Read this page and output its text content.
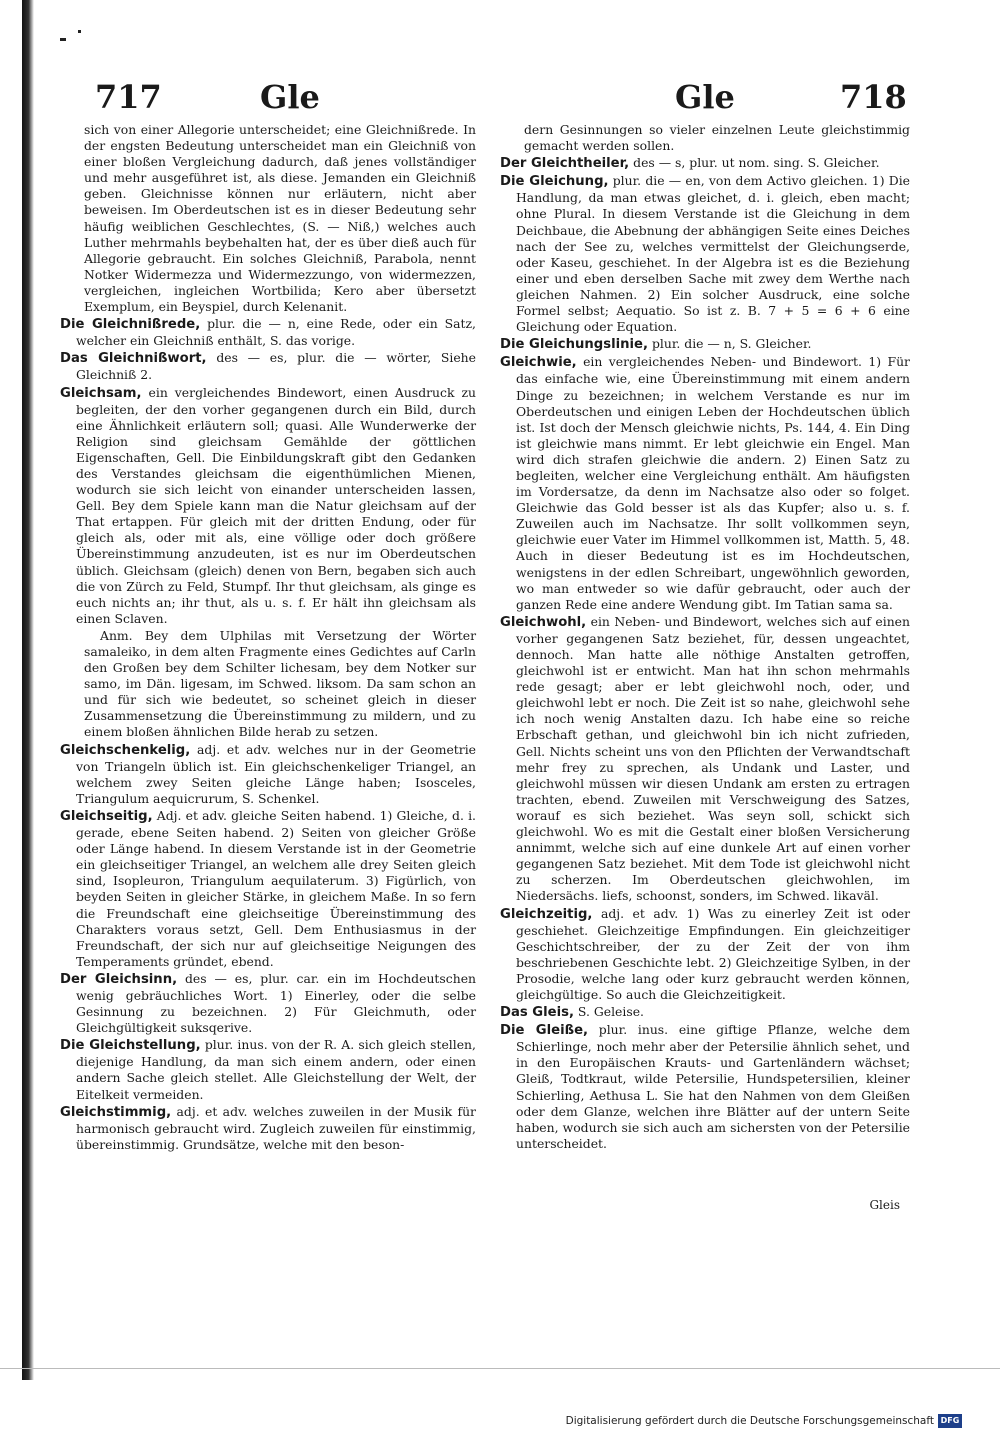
717	Gle	Gle	718

sich von einer Allegorie unterscheidet; eine Gleichnißrede. In der engsten Bedeutung unterscheidet man ein Gleichniß von einer bloßen Vergleichung dadurch, daß jenes vollständiger und mehr ausgeführet ist, als diese. Jemanden ein Gleichniß geben. Gleichnisse können nur erläutern, nicht aber beweisen. Im Oberdeutschen ist es in dieser Bedeutung sehr häufig weiblichen Geschlechtes, (S. — Niß,) welches auch Luther mehrmahls beybehalten hat, der es über dieß auch für Allegorie gebraucht. Ein solches Gleichniß, Parabola, nennt Notker Widermezza und Widermezzungo, von widermezzen, vergleichen, ingleichen Wortbilida; Kero aber übersetzt Exemplum, ein Beyspiel, durch Kelenanit.

Die Gleichnißrede, plur. die — n, eine Rede, oder ein Satz, welcher ein Gleichniß enthält, S. das vorige.

Das Gleichnißwort, des — es, plur. die — wörter, Siehe Gleichniß 2.

Gleichsam, ein vergleichendes Bindewort, einen Ausdruck zu begleiten, der den vorher gegangenen durch ein Bild, durch eine Ähnlichkeit erläutern soll; quasi. Alle Wunderwerke der Religion sind gleichsam Gemählde der göttlichen Eigenschaften, Gell. Die Einbildungskraft gibt den Gedanken des Verstandes gleichsam die eigenthümlichen Mienen, wodurch sie sich leicht von einander unterscheiden lassen, Gell. Bey dem Spiele kann man die Natur gleichsam auf der That ertappen. Für gleich mit der dritten Endung, oder für gleich als, oder mit als, eine völlige oder doch größere Übereinstimmung anzudeuten, ist es nur im Oberdeutschen üblich. Gleichsam (gleich) denen von Bern, begaben sich auch die von Zürch zu Feld, Stumpf. Ihr thut gleichsam, als ginge es euch nichts an; ihr thut, als u. s. f. Er hält ihn gleichsam als einen Sclaven.

Anm. Bey dem Ulphilas mit Versetzung der Wörter samaleiko, in dem alten Fragmente eines Gedichtes auf Carln den Großen bey dem Schilter lichesam, bey dem Notker sur samo, im Dän. ligesam, im Schwed. liksom. Da sam schon an und für sich wie bedeutet, so scheinet gleich in dieser Zusammensetzung die Übereinstimmung zu mildern, und zu einem bloßen ähnlichen Bilde herab zu setzen.

Gleichschenkelig, adj. et adv. welches nur in der Geometrie von Triangeln üblich ist. Ein gleichschenkeliger Triangel, an welchem zwey Seiten gleiche Länge haben; Isosceles, Triangulum aequicrurum, S. Schenkel.

Gleichseitig, Adj. et adv. gleiche Seiten habend. 1) Gleiche, d. i. gerade, ebene Seiten habend. 2) Seiten von gleicher Größe oder Länge habend. In diesem Verstande ist in der Geometrie ein gleichseitiger Triangel, an welchem alle drey Seiten gleich sind, Isopleuron, Triangulum aequilaterum. 3) Figürlich, von beyden Seiten in gleicher Stärke, in gleichem Maße. In so fern die Freundschaft eine gleichseitige Übereinstimmung des Charakters voraus setzt, Gell. Dem Enthusiasmus in der Freundschaft, der sich nur auf gleichseitige Neigungen des Temperaments gründet, ebend.

Der Gleichsinn, des — es, plur. car. ein im Hochdeutschen wenig gebräuchliches Wort. 1) Einerley, oder die selbe Gesinnung zu bezeichnen. 2) Für Gleichmuth, oder Gleichgültigkeit suksqerive.

Die Gleichstellung, plur. inus. von der R. A. sich gleich stellen, diejenige Handlung, da man sich einem andern, oder einen andern Sache gleich stellet. Alle Gleichstellung der Welt, der Eitelkeit vermeiden.

Gleichstimmig, adj. et adv. welches zuweilen in der Musik für harmonisch gebraucht wird. Zugleich zuweilen für einstimmig, übereinstimmig. Grundsätze, welche mit den beson-

dern Gesinnungen so vieler einzelnen Leute gleichstimmig gemacht werden sollen.

Der Gleichtheiler, des — s, plur. ut nom. sing. S. Gleicher.

Die Gleichung, plur. die — en, von dem Activo gleichen. 1) Die Handlung, da man etwas gleichet, d. i. gleich, eben macht; ohne Plural. In diesem Verstande ist die Gleichung in dem Deichbaue, die Abebnung der abhängigen Seite eines Deiches nach der See zu, welches vermittelst der Gleichungserde, oder Kaseu, geschiehet. In der Algebra ist es die Beziehung einer und eben derselben Sache mit zwey dem Werthe nach gleichen Nahmen. 2) Ein solcher Ausdruck, eine solche Formel selbst; Aequatio. So ist z. B. 7 + 5 = 6 + 6 eine Gleichung oder Equation.

Die Gleichungslinie, plur. die — n, S. Gleicher.

Gleichwie, ein vergleichendes Neben- und Bindewort. 1) Für das einfache wie, eine Übereinstimmung mit einem andern Dinge zu bezeichnen; in welchem Verstande es nur im Oberdeutschen und einigen Leben der Hochdeutschen üblich ist. Ist doch der Mensch gleichwie nichts, Ps. 144, 4. Ein Ding ist gleichwie mans nimmt. Er lebt gleichwie ein Engel. Man wird dich strafen gleichwie die andern. 2) Einen Satz zu begleiten, welcher eine Vergleichung enthält. Am häufigsten im Vordersatze, da denn im Nachsatze also oder so folget. Gleichwie das Gold besser ist als das Kupfer; also u. s. f. Zuweilen auch im Nachsatze. Ihr sollt vollkommen seyn, gleichwie euer Vater im Himmel vollkommen ist, Matth. 5, 48. Auch in dieser Bedeutung ist es im Hochdeutschen, wenigstens in der edlen Schreibart, ungewöhnlich geworden, wo man entweder so wie dafür gebraucht, oder auch der ganzen Rede eine andere Wendung gibt. Im Tatian sama sa.

Gleichwohl, ein Neben- und Bindewort, welches sich auf einen vorher gegangenen Satz beziehet, für, dessen ungeachtet, dennoch. Man hatte alle nöthige Anstalten getroffen, gleichwohl ist er entwicht. Man hat ihn schon mehrmahls rede gesagt; aber er lebt gleichwohl noch, oder, und gleichwohl lebt er noch. Die Zeit ist so nahe, gleichwohl sehe ich noch wenig Anstalten dazu. Ich habe eine so reiche Erbschaft gethan, und gleichwohl bin ich nicht zufrieden, Gell. Nichts scheint uns von den Pflichten der Verwandtschaft mehr frey zu sprechen, als Undank und Laster, und gleichwohl müssen wir diesen Undank am ersten zu ertragen trachten, ebend. Zuweilen mit Verschweigung des Satzes, worauf es sich beziehet. Was seyn soll, schickt sich gleichwohl. Wo es mit die Gestalt einer bloßen Versicherung annimmt, welche sich auf eine dunkele Art auf einen vorher gegangenen Satz beziehet. Mit dem Tode ist gleichwohl nicht zu scherzen. Im Oberdeutschen gleichwohlen, im Niedersächs. liefs, schoonst, sonders, im Schwed. likaväl.

Gleichzeitig, adj. et adv. 1) Was zu einerley Zeit ist oder geschiehet. Gleichzeitige Empfindungen. Ein gleichzeitiger Geschichtschreiber, der zu der Zeit der von ihm beschriebenen Geschichte lebt. 2) Gleichzeitige Sylben, in der Prosodie, welche lang oder kurz gebraucht werden können, gleichgültige. So auch die Gleichzeitigkeit.

Das Gleis, S. Geleise.

Die Gleiße, plur. inus. eine giftige Pflanze, welche dem Schierlinge, noch mehr aber der Petersilie ähnlich sehet, und in den Europäischen Krauts- und Gartenländern wächset; Gleiß, Todtkraut, wilde Petersilie, Hundspetersilien, kleiner Schierling, Aethusa L. Sie hat den Nahmen von dem Gleißen oder dem Glanze, welchen ihre Blätter auf der untern Seite haben, wodurch sie sich auch am sichersten von der Petersilie unterscheidet.

Gleis
Digitalisierung gefördert durch die Deutsche Forschungsgemeinschaft DFG
